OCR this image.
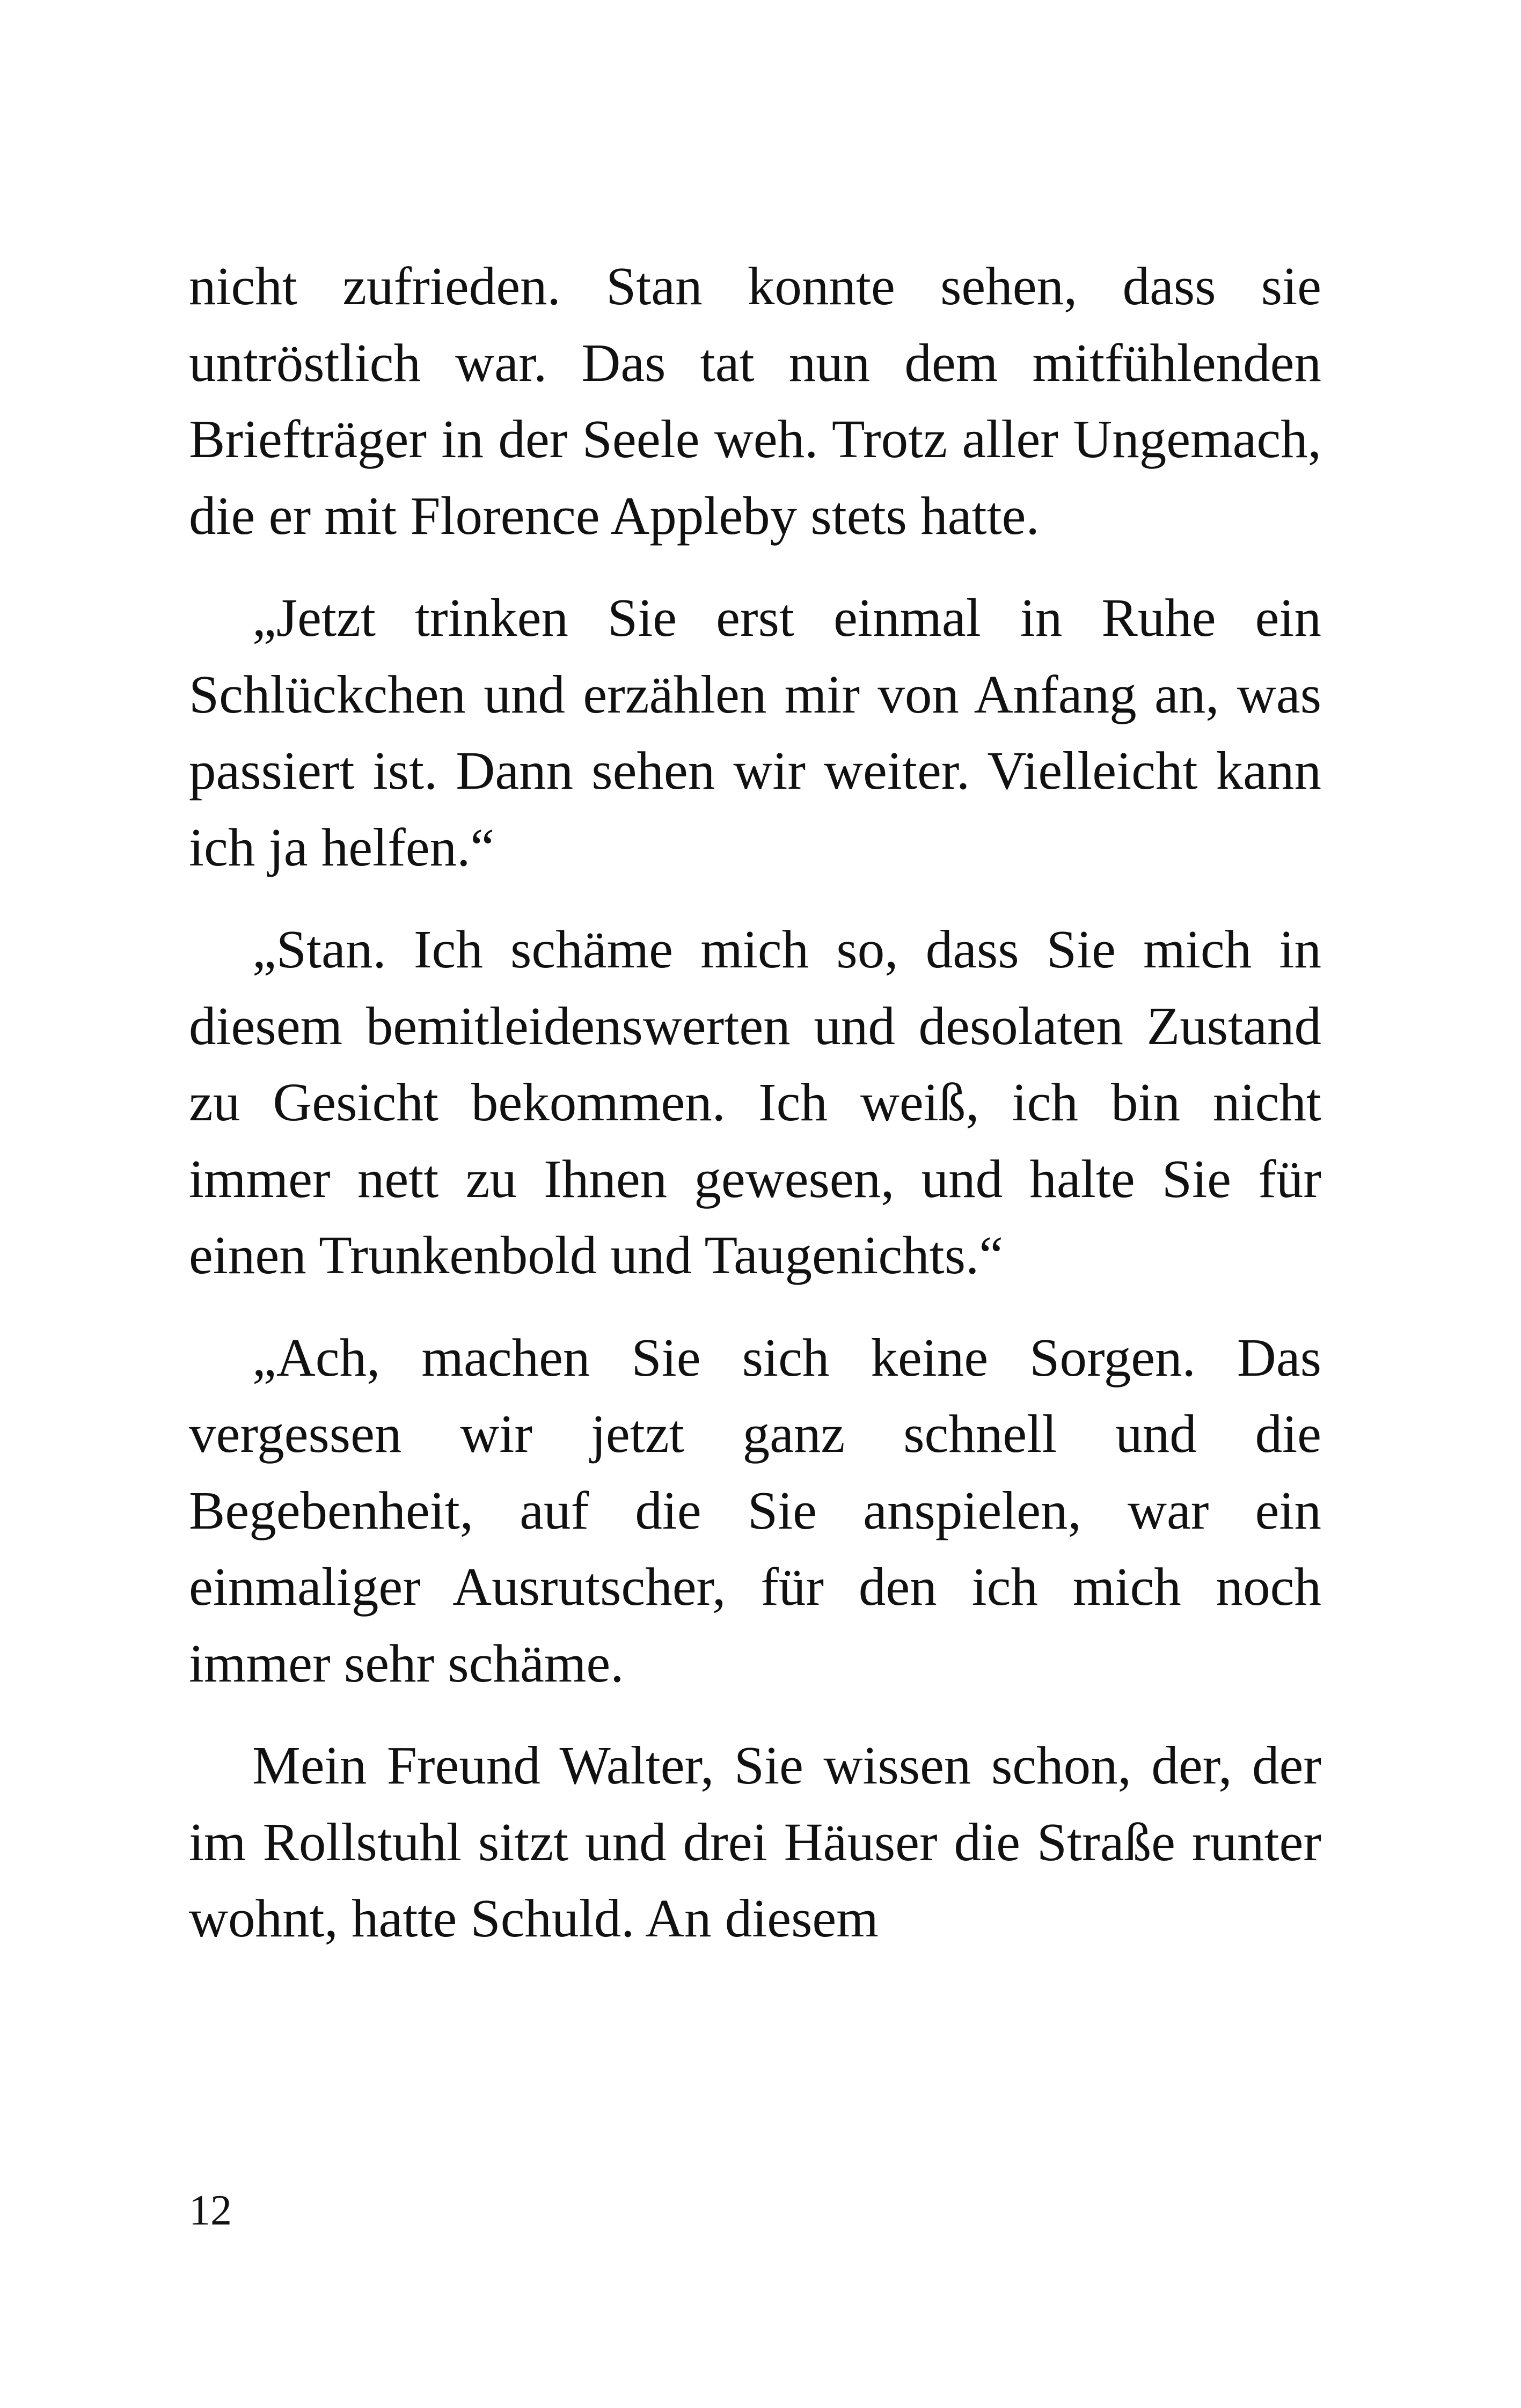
nicht zufrieden. Stan konnte sehen, dass sie untröstlich war. Das tat nun dem mitfühlenden Briefträger in der Seele weh. Trotz aller Ungemach, die er mit Florence Appleby stets hatte.

„Jetzt trinken Sie erst einmal in Ruhe ein Schlückchen und erzählen mir von Anfang an, was passiert ist. Dann sehen wir weiter. Vielleicht kann ich ja helfen.“

„Stan. Ich schäme mich so, dass Sie mich in diesem bemitleidenswerten und desolaten Zustand zu Gesicht bekommen. Ich weiß, ich bin nicht immer nett zu Ihnen gewesen, und halte Sie für einen Trunkenbold und Taugenichts.“

„Ach, machen Sie sich keine Sorgen. Das vergessen wir jetzt ganz schnell und die Begebenheit, auf die Sie anspielen, war ein einmaliger Ausrutscher, für den ich mich noch immer sehr schäme.

Mein Freund Walter, Sie wissen schon, der, der im Rollstuhl sitzt und drei Häuser die Straße runter wohnt, hatte Schuld. An diesem

12
